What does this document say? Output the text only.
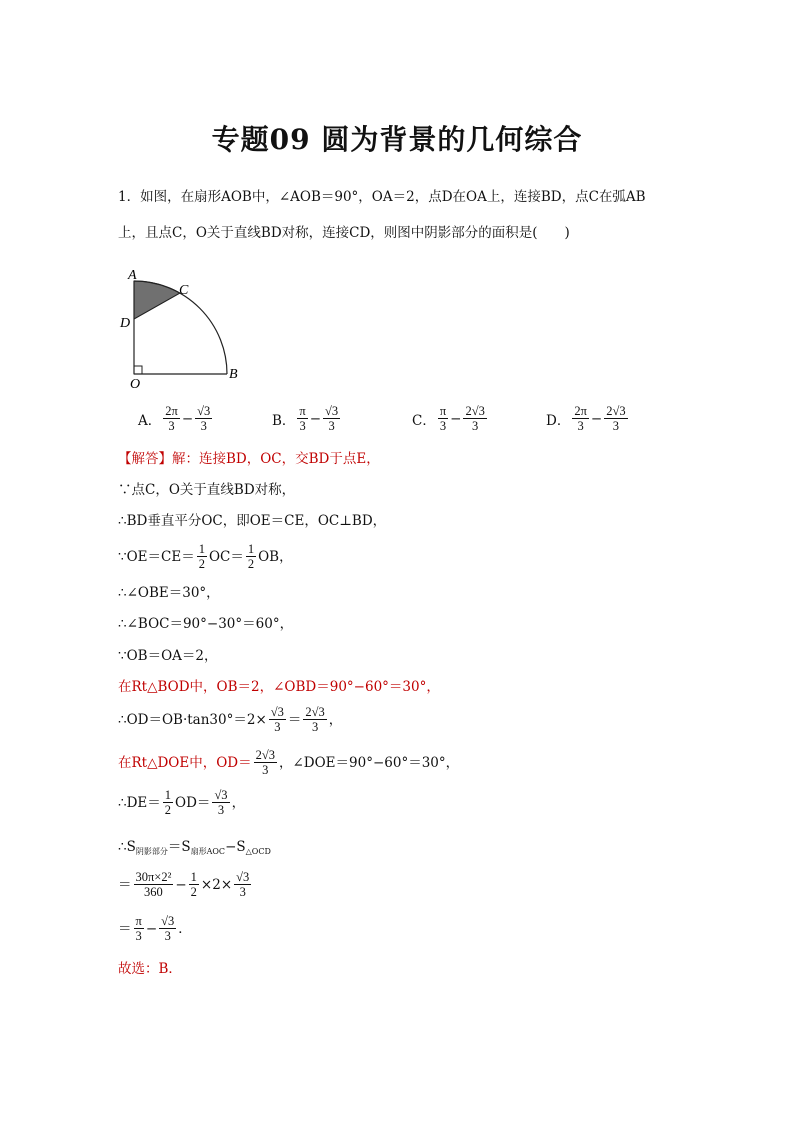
专题09 圆为背景的几何综合
1．如图，在扇形AOB中，∠AOB＝90°，OA＝2，点D在OA上，连接BD，点C在弧AB
上，且点C，O关于直线BD对称，连接CD，则图中阴影部分的面积是(　　)
A
C
D
O
B
A． $\frac{2\pi}{3} - \frac{√3}{3}$	B． $\frac{\pi}{3} - \frac{√3}{3}$	C． $\frac{\pi}{3} - \frac{2√3}{3}$	D． $\frac{2\pi}{3} - \frac{2√3}{3}$
【解答】解：连接BD，OC，交BD于点E，
∵点C，O关于直线BD对称，
∴BD垂直平分OC，即OE＝CE，OC⊥BD，
∵OE＝CE＝ $\frac{1}{2} OC= \frac{1}{2}$ OB，
∴∠OBE＝30°，
∴∠BOC＝90°−30°＝60°，
∵OB＝OA＝2，
在Rt△BOD中，OB＝2，∠OBD＝90°−60°＝30°，
∴OD＝OB·tan30°＝2× $\frac{√3}{3} = \frac{2√3}{3}$ ，
在Rt△DOE中，$OD= \frac{2√3}{3}$ ，∠DOE＝90°−60°＝30°，
∴DE＝ $\frac{1}{2} OD= \frac{√3}{3}$ ，
$\therefore S_{阴影部分}=S_{扇形AOC}-S_{\triangle OCD}$
＝ $\frac{\text{30π×2²}}{360} - \frac{1}{2} \times 2\times \frac{√3}{3}$
＝ $\frac{\pi}{3} - \frac{√3}{3}$ ．
故选：B．
